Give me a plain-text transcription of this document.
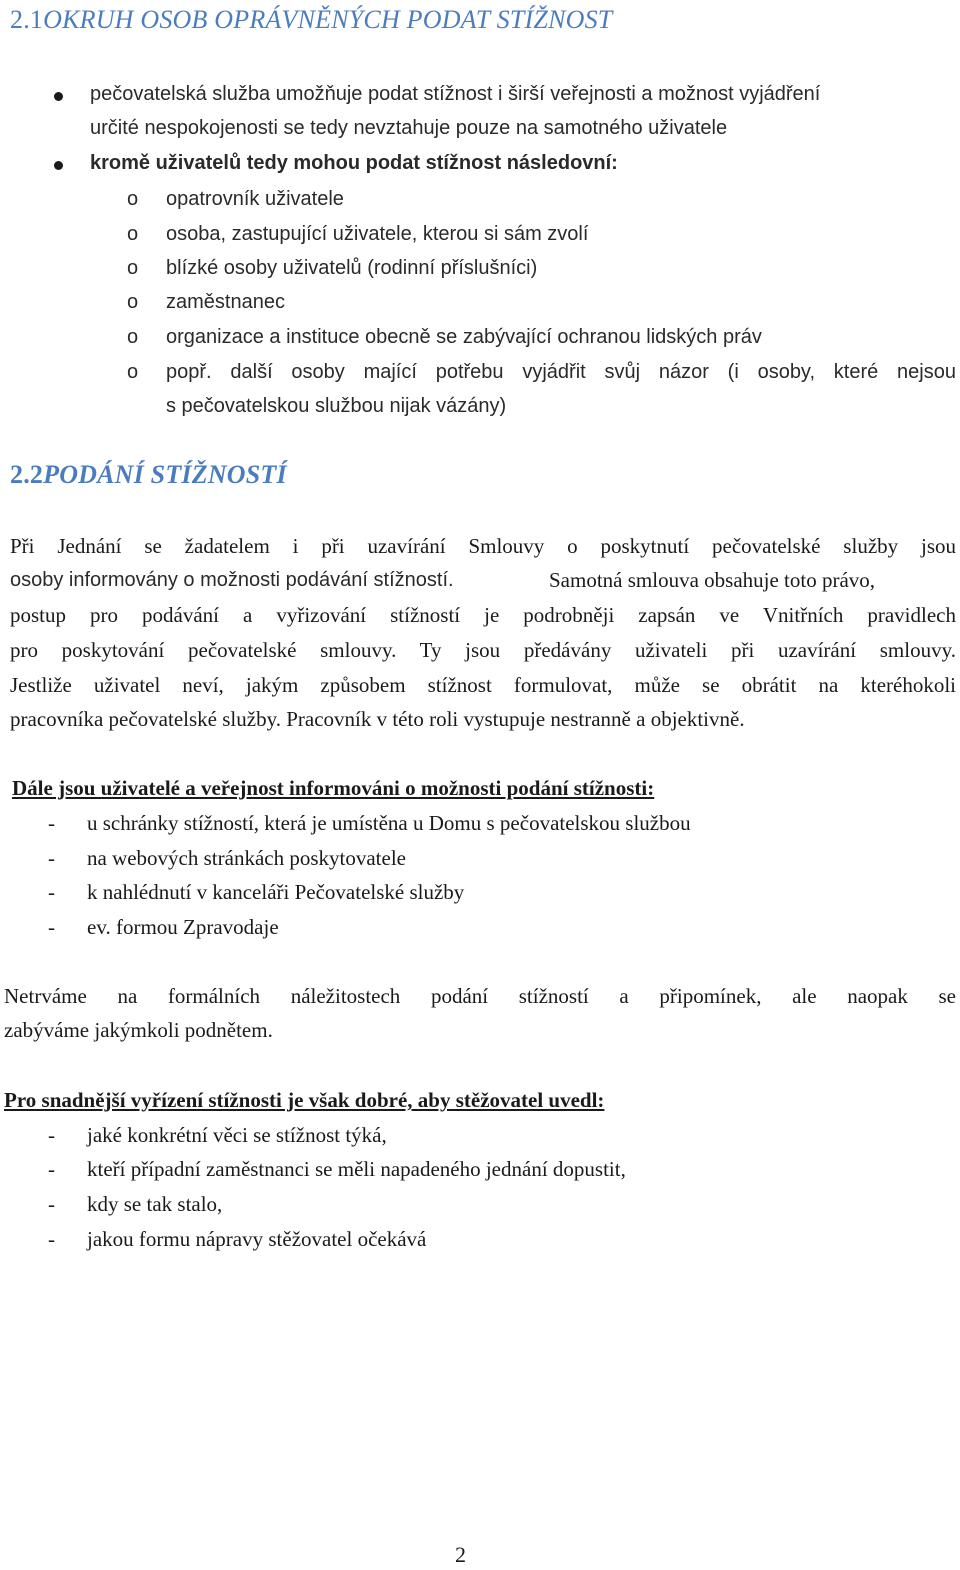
2.1OKRUH OSOB OPRÁVNĚNÝCH PODAT STÍŽNOST
pečovatelská služba umožňuje podat stížnost i širší veřejnosti a možnost vyjádření
určité nespokojenosti se tedy nevztahuje pouze na samotného uživatele
kromě uživatelů tedy mohou podat stížnost následovní:
o opatrovník uživatele
o osoba, zastupující uživatele, kterou si sám zvolí
o blízké osoby uživatelů (rodinní příslušníci)
o zaměstnanec
o organizace a instituce obecně se zabývající ochranou lidských práv
o popř. další osoby mající potřebu vyjádřit svůj názor (i osoby, které nejsou
s pečovatelskou službou nijak vázány)
2.2PODÁNÍ STÍŽNOSTÍ
Při Jednání se žadatelem i při uzavírání Smlouvy o poskytnutí pečovatelské služby jsou
osoby informovány o možnosti podávání stížností.	Samotná smlouva obsahuje toto právo,
postup pro podávání a vyřizování stížností je podrobněji zapsán ve Vnitřních pravidlech
pro poskytování pečovatelské smlouvy. Ty jsou předávány uživateli při uzavírání smlouvy.
Jestliže uživatel neví, jakým způsobem stížnost formulovat, může se obrátit na kteréhokoli
pracovníka pečovatelské služby. Pracovník v této roli vystupuje nestranně a objektivně.
Dále jsou uživatelé a veřejnost informováni o možnosti podání stížnosti:
- u schránky stížností, která je umístěna u Domu s pečovatelskou službou
- na webových stránkách poskytovatele
- k nahlédnutí v kanceláři Pečovatelské služby
- ev. formou Zpravodaje
Netrváme na formálních náležitostech podání stížností a připomínek, ale naopak se
zabýváme jakýmkoli podnětem.
Pro snadnější vyřízení stížnosti je však dobré, aby stěžovatel uvedl:
- jaké konkrétní věci se stížnost týká,
- kteří případní zaměstnanci se měli napadeného jednání dopustit,
- kdy se tak stalo,
- jakou formu nápravy stěžovatel očekává
2
